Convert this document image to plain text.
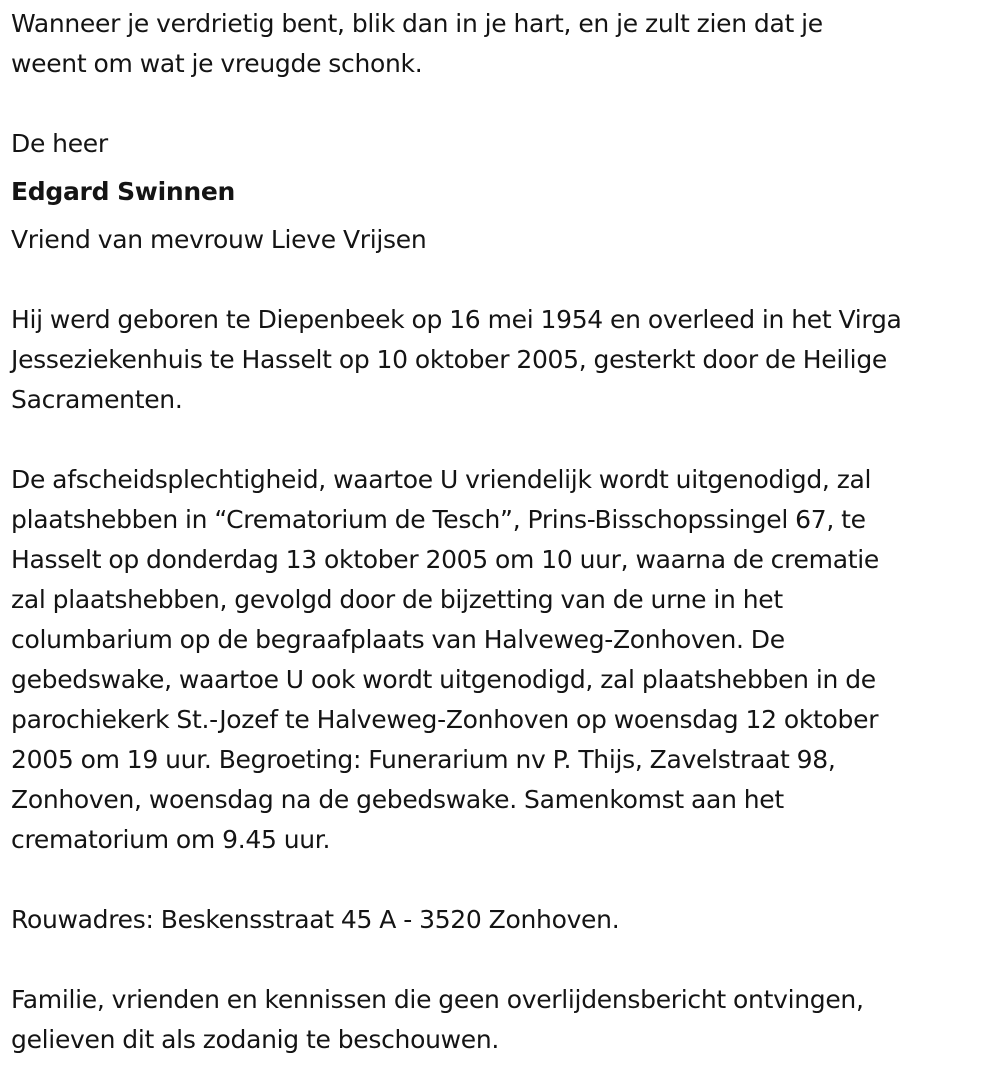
Wanneer je verdrietig bent, blik dan in je hart, en je zult zien dat je

weent om wat je vreugde schonk.

De heer

Edgard Swinnen

Vriend van mevrouw Lieve Vrijsen

Hij werd geboren te Diepenbeek op 16 mei 1954 en overleed in het Virga

Jesseziekenhuis te Hasselt op 10 oktober 2005, gesterkt door de Heilige

Sacramenten.

De afscheidsplechtigheid, waartoe U vriendelijk wordt uitgenodigd, zal

plaatshebben in “Crematorium de Tesch”, Prins-Bisschopssingel 67, te

Hasselt op donderdag 13 oktober 2005 om 10 uur, waarna de crematie

zal plaatshebben, gevolgd door de bijzetting van de urne in het

columbarium op de begraafplaats van Halveweg-Zonhoven. De

gebedswake, waartoe U ook wordt uitgenodigd, zal plaatshebben in de

parochiekerk St.-Jozef te Halveweg-Zonhoven op woensdag 12 oktober

2005 om 19 uur. Begroeting: Funerarium nv P. Thijs, Zavelstraat 98,

Zonhoven, woensdag na de gebedswake. Samenkomst aan het

crematorium om 9.45 uur.

Rouwadres: Beskensstraat 45 A - 3520 Zonhoven.

Familie, vrienden en kennissen die geen overlijdensbericht ontvingen,

gelieven dit als zodanig te beschouwen.
